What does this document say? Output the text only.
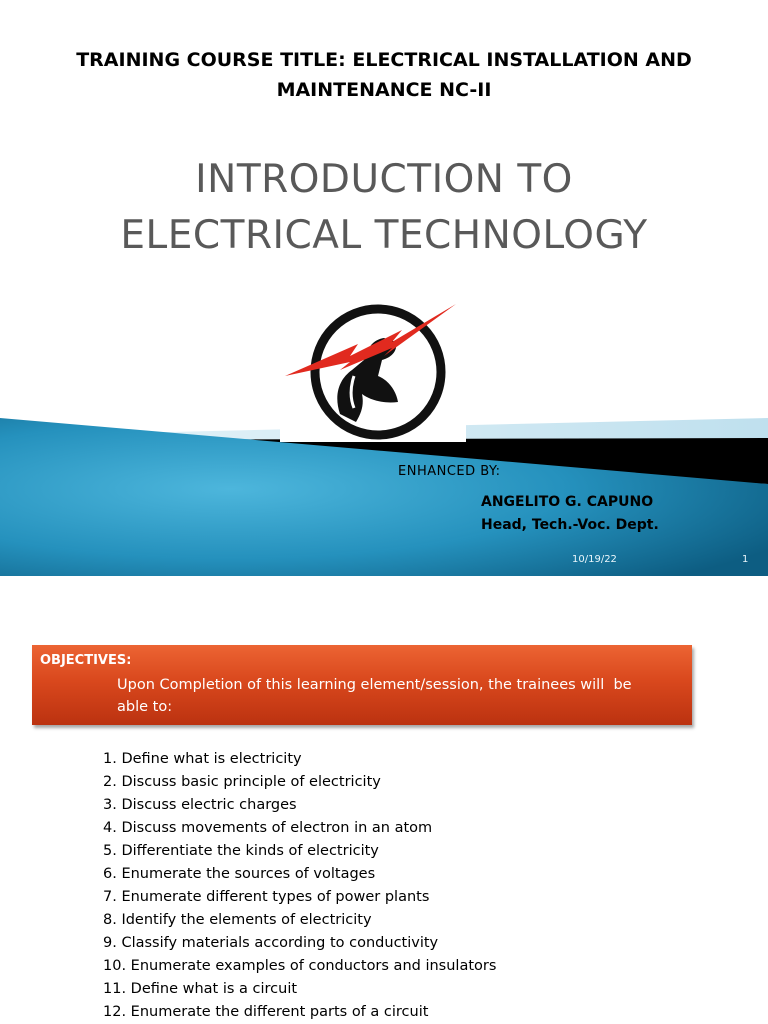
TRAINING COURSE TITLE: ELECTRICAL INSTALLATION AND
MAINTENANCE NC-II
INTRODUCTION TO
ELECTRICAL TECHNOLOGY
ENHANCED BY:
ANGELITO G. CAPUNO
Head, Tech.-Voc. Dept.
10/19/22	1
OBJECTIVES:
Upon Completion of this learning element/session, the trainees will  be
able to:
1. Define what is electricity
2. Discuss basic principle of electricity
3. Discuss electric charges
4. Discuss movements of electron in an atom
5. Differentiate the kinds of electricity
6. Enumerate the sources of voltages
7. Enumerate different types of power plants
8. Identify the elements of electricity
9. Classify materials according to conductivity
10. Enumerate examples of conductors and insulators
11. Define what is a circuit
12. Enumerate the different parts of a circuit
